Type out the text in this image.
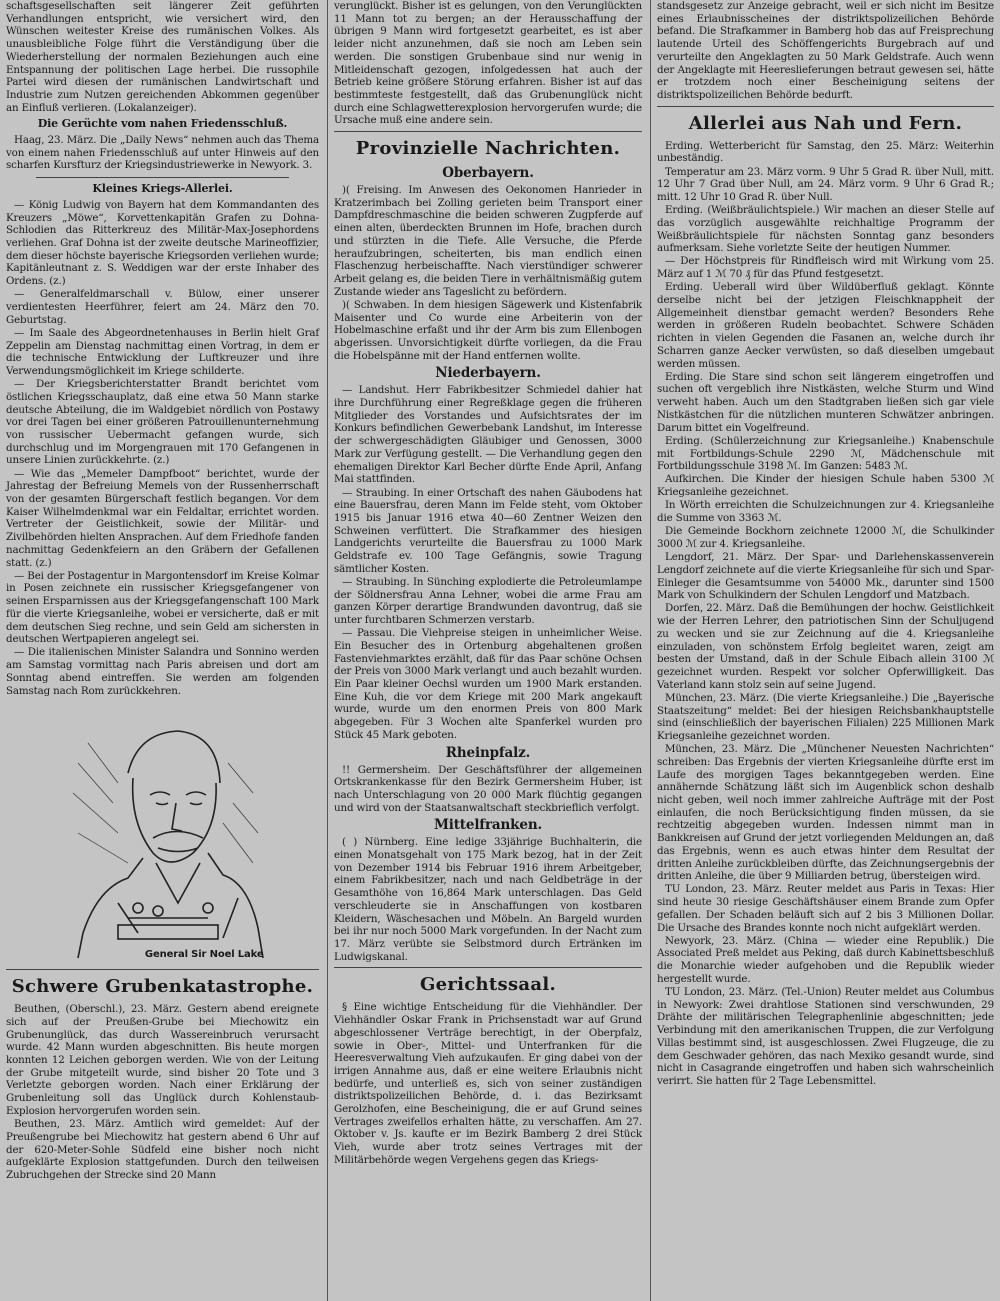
schaftsgesellschaften seit längerer Zeit geführten Verhandlungen entspricht, wie versichert wird, den Wünschen weitester Kreise des rumänischen Volkes. Als unausbleibliche Folge führt die Verständigung über die Wiederherstellung der normalen Beziehungen auch eine Entspannung der politischen Lage herbei. Die russophile Partei wird diesen der rumänischen Landwirtschaft und Industrie zum Nutzen gereichenden Abkommen gegenüber an Einfluß verlieren. (Lokalanzeiger).

Die Gerüchte vom nahen Friedensschluß.

Haag, 23. März. Die „Daily News“ nehmen auch das Thema von einem nahen Friedensschluß auf unter Hinweis auf den scharfen Kursfturz der Kriegsindustriewerke in Newyork. 3.

Kleines Kriegs-Allerlei.

— König Ludwig von Bayern hat dem Kommandanten des Kreuzers „Möwe“, Korvettenkapitän Grafen zu Dohna-Schlodien das Ritterkreuz des Militär-Max-Josephordens verliehen. Graf Dohna ist der zweite deutsche Marineoffizier, dem dieser höchste bayerische Kriegsorden verliehen wurde; Kapitänleutnant z. S. Weddigen war der erste Inhaber des Ordens. (z.)

— Generalfeldmarschall v. Bülow, einer unserer verdientesten Heerführer, feiert am 24. März den 70. Geburtstag.

— Im Saale des Abgeordnetenhauses in Berlin hielt Graf Zeppelin am Dienstag nachmittag einen Vortrag, in dem er die technische Entwicklung der Luftkreuzer und ihre Verwendungsmöglichkeit im Kriege schilderte.

— Der Kriegsberichterstatter Brandt berichtet vom östlichen Kriegsschauplatz, daß eine etwa 50 Mann starke deutsche Abteilung, die im Waldgebiet nördlich von Postawy vor drei Tagen bei einer größeren Patrouillenunternehmung von russischer Uebermacht gefangen wurde, sich durchschlug und im Morgengrauen mit 170 Gefangenen in unsere Linien zurückkehrte. (z.)

— Wie das „Memeler Dampfboot“ berichtet, wurde der Jahrestag der Befreiung Memels von der Russenherrschaft von der gesamten Bürgerschaft festlich begangen. Vor dem Kaiser Wilhelmdenkmal war ein Feldaltar, errichtet worden. Vertreter der Geistlichkeit, sowie der Militär- und Zivilbehörden hielten Ansprachen. Auf dem Friedhofe fanden nachmittag Gedenkfeiern an den Gräbern der Gefallenen statt. (z.)

— Bei der Postagentur in Margontensdorf im Kreise Kolmar in Posen zeichnete ein russischer Kriegsgefangener von seinen Ersparnissen aus der Kriegsgefangenschaft 100 Mark für die vierte Kriegsanleihe, wobei er versicherte, daß er mit dem deutschen Sieg rechne, und sein Geld am sichersten in deutschen Wertpapieren angelegt sei.

— Die italienischen Minister Salandra und Sonnino werden am Samstag vormittag nach Paris abreisen und dort am Sonntag abend eintreffen. Sie werden am folgenden Samstag nach Rom zurückkehren.

General Sir Noel Lake
Schwere Grubenkatastrophe.

Beuthen, (Oberschl.), 23. März. Gestern abend ereignete sich auf der Preußen-Grube bei Miechowitz ein Grubenunglück, das durch Wassereinbruch verursacht wurde. 42 Mann wurden abgeschnitten. Bis heute morgen konnten 12 Leichen geborgen werden. Wie von der Leitung der Grube mitgeteilt wurde, sind bisher 20 Tote und 3 Verletzte geborgen worden. Nach einer Erklärung der Grubenleitung soll das Unglück durch Kohlenstaub-Explosion hervorgerufen worden sein.

Beuthen, 23. März. Amtlich wird gemeldet: Auf der Preußengrube bei Miechowitz hat gestern abend 6 Uhr auf der 620-Meter-Sohle Südfeld eine bisher noch nicht aufgeklärte Explosion stattgefunden. Durch den teilweisen Zubruchgehen der Strecke sind 20 Mann

verunglückt. Bisher ist es gelungen, von den Verunglückten 11 Mann tot zu bergen; an der Herausschaffung der übrigen 9 Mann wird fortgesetzt gearbeitet, es ist aber leider nicht anzunehmen, daß sie noch am Leben sein werden. Die sonstigen Grubenbaue sind nur wenig in Mitleidenschaft gezogen, infolgedessen hat auch der Betrieb keine größere Störung erfahren. Bisher ist auf das bestimmteste festgestellt, daß das Grubenunglück nicht durch eine Schlagwetterexplosion hervorgerufen wurde; die Ursache muß eine andere sein.

Provinzielle Nachrichten.
Oberbayern.

)( Freising. Im Anwesen des Oekonomen Hanrieder in Kratzerimbach bei Zolling gerieten beim Transport einer Dampfdreschmaschine die beiden schweren Zugpferde auf einen alten, überdeckten Brunnen im Hofe, brachen durch und stürzten in die Tiefe. Alle Versuche, die Pferde heraufzubringen, scheiterten, bis man endlich einen Flaschenzug herbeischaffte. Nach vierstündiger schwerer Arbeit gelang es, die beiden Tiere in verhältnismäßig gutem Zustande wieder ans Tageslicht zu befördern.

)( Schwaben. In dem hiesigen Sägewerk und Kistenfabrik Maisenter und Co wurde eine Arbeiterin von der Hobelmaschine erfaßt und ihr der Arm bis zum Ellenbogen abgerissen. Unvorsichtigkeit dürfte vorliegen, da die Frau die Hobelspänne mit der Hand entfernen wollte.

Niederbayern.

— Landshut. Herr Fabrikbesitzer Schmiedel dahier hat ihre Durchführung einer Regreßklage gegen die früheren Mitglieder des Vorstandes und Aufsichtsrates der im Konkurs befindlichen Gewerbebank Landshut, im Interesse der schwergeschädigten Gläubiger und Genossen, 3000 Mark zur Verfügung gestellt. — Die Verhandlung gegen den ehemaligen Direktor Karl Becher dürfte Ende April, Anfang Mai stattfinden.

— Straubing. In einer Ortschaft des nahen Gäubodens hat eine Bauersfrau, deren Mann im Felde steht, vom Oktober 1915 bis Januar 1916 etwa 40—60 Zentner Weizen den Schweinen verfüttert. Die Strafkammer des hiesigen Landgerichts verurteilte die Bauersfrau zu 1000 Mark Geldstrafe ev. 100 Tage Gefängnis, sowie Tragung sämtlicher Kosten.

— Straubing. In Sünching explodierte die Petroleumlampe der Söldnersfrau Anna Lehner, wobei die arme Frau am ganzen Körper derartige Brandwunden davontrug, daß sie unter furchtbaren Schmerzen verstarb.

— Passau. Die Viehpreise steigen in unheimlicher Weise. Ein Besucher des in Ortenburg abgehaltenen großen Fastenviehmarktes erzählt, daß für das Paar schöne Ochsen der Preis von 3000 Mark verlangt und auch bezahlt wurden. Ein Paar kleiner Oechsl wurden um 1900 Mark erstanden. Eine Kuh, die vor dem Kriege mit 200 Mark angekauft wurde, wurde um den enormen Preis von 800 Mark abgegeben. Für 3 Wochen alte Spanferkel wurden pro Stück 45 Mark geboten.

Rheinpfalz.

!! Germersheim. Der Geschäftsführer der allgemeinen Ortskrankenkasse für den Bezirk Germersheim Huber, ist nach Unterschlagung von 20 000 Mark flüchtig gegangen und wird von der Staatsanwaltschaft steckbrieflich verfolgt.

Mittelfranken.

( ) Nürnberg. Eine ledige 33jährige Buchhalterin, die einen Monatsgehalt von 175 Mark bezog, hat in der Zeit von Dezember 1914 bis Februar 1916 ihrem Arbeitgeber, einem Fabrikbesitzer, nach und nach Geldbeträge in der Gesamthöhe von 16,864 Mark unterschlagen. Das Geld verschleuderte sie in Anschaffungen von kostbaren Kleidern, Wäschesachen und Möbeln. An Bargeld wurden bei ihr nur noch 5000 Mark vorgefunden. In der Nacht zum 17. März verübte sie Selbstmord durch Ertränken im Ludwigskanal.

Gerichtssaal.

§ Eine wichtige Entscheidung für die Viehhändler. Der Viehhändler Oskar Frank in Prichsenstadt war auf Grund abgeschlossener Verträge berechtigt, in der Oberpfalz, sowie in Ober-, Mittel- und Unterfranken für die Heeresverwaltung Vieh aufzukaufen. Er ging dabei von der irrigen Annahme aus, daß er eine weitere Erlaubnis nicht bedürfe, und unterließ es, sich von seiner zuständigen distriktspolizeilichen Behörde, d. i. das Bezirksamt Gerolzhofen, eine Bescheinigung, die er auf Grund seines Vertrages zweifellos erhalten hätte, zu verschaffen. Am 27. Oktober v. Js. kaufte er im Bezirk Bamberg 2 drei Stück Vieh, wurde aber trotz seines Vertrages mit der Militärbehörde wegen Vergehens gegen das Kriegs-

standsgesetz zur Anzeige gebracht, weil er sich nicht im Besitze eines Erlaubnisscheines der distriktspolizeilichen Behörde befand. Die Strafkammer in Bamberg hob das auf Freisprechung lautende Urteil des Schöffengerichts Burgebrach auf und verurteilte den Angeklagten zu 50 Mark Geldstrafe. Auch wenn der Angeklagte mit Heereslieferungen betraut gewesen sei, hätte er trotzdem noch einer Bescheinigung seitens der distriktspolizeilichen Behörde bedurft.

Allerlei aus Nah und Fern.

Erding. Wetterbericht für Samstag, den 25. März: Weiterhin unbeständig.

Temperatur am 23. März vorm. 9 Uhr 5 Grad R. über Null, mitt. 12 Uhr 7 Grad über Null, am 24. März vorm. 9 Uhr 6 Grad R.; mitt. 12 Uhr 10 Grad R. über Null.

Erding. (Weißbräulichtspiele.) Wir machen an dieser Stelle auf das vorzüglich ausgewählte reichhaltige Programm der Weißbräulichtspiele für nächsten Sonntag ganz besonders aufmerksam. Siehe vorletzte Seite der heutigen Nummer.

— Der Höchstpreis für Rindfleisch wird mit Wirkung vom 25. März auf 1 ℳ 70 ₰ für das Pfund festgesetzt.

Erding. Ueberall wird über Wildüberfluß geklagt. Könnte derselbe nicht bei der jetzigen Fleischknappheit der Allgemeinheit dienstbar gemacht werden? Besonders Rehe werden in größeren Rudeln beobachtet. Schwere Schäden richten in vielen Gegenden die Fasanen an, welche durch ihr Scharren ganze Aecker verwüsten, so daß dieselben umgebaut werden müssen.

Erding. Die Stare sind schon seit längerem eingetroffen und suchen oft vergeblich ihre Nistkästen, welche Sturm und Wind verweht haben. Auch um den Stadtgraben ließen sich gar viele Nistkästchen für die nützlichen munteren Schwätzer anbringen. Darum bittet ein Vogelfreund.

Erding. (Schülerzeichnung zur Kriegsanleihe.) Knabenschule mit Fortbildungs-Schule 2290 ℳ, Mädchenschule mit Fortbildungsschule 3198 ℳ. Im Ganzen: 5483 ℳ.

Aufkirchen. Die Kinder der hiesigen Schule haben 5300 ℳ Kriegsanleihe gezeichnet.

In Wörth erreichten die Schulzeichnungen zur 4. Kriegsanleihe die Summe von 3363 ℳ.

Die Gemeinde Bockhorn zeichnete 12000 ℳ, die Schulkinder 3000 ℳ zur 4. Kriegsanleihe.

Lengdorf, 21. März. Der Spar- und Darlehenskassenverein Lengdorf zeichnete auf die vierte Kriegsanleihe für sich und Spar-Einleger die Gesamtsumme von 54000 Mk., darunter sind 1500 Mark von Schulkindern der Schulen Lengdorf und Matzbach.

Dorfen, 22. März. Daß die Bemühungen der hochw. Geistlichkeit wie der Herren Lehrer, den patriotischen Sinn der Schuljugend zu wecken und sie zur Zeichnung auf die 4. Kriegsanleihe einzuladen, von schönstem Erfolg begleitet waren, zeigt am besten der Umstand, daß in der Schule Eibach allein 3100 ℳ gezeichnet wurden. Respekt vor solcher Opferwilligkeit. Das Vaterland kann stolz sein auf seine Jugend.

München, 23. März. (Die vierte Kriegsanleihe.) Die „Bayerische Staatszeitung“ meldet: Bei der hiesigen Reichsbankhauptstelle sind (einschließlich der bayerischen Filialen) 225 Millionen Mark Kriegsanleihe gezeichnet worden.

München, 23. März. Die „Münchener Neuesten Nachrichten“ schreiben: Das Ergebnis der vierten Kriegsanleihe dürfte erst im Laufe des morgigen Tages bekanntgegeben werden. Eine annähernde Schätzung läßt sich im Augenblick schon deshalb nicht geben, weil noch immer zahlreiche Aufträge mit der Post einlaufen, die noch Berücksichtigung finden müssen, da sie rechtzeitig abgegeben wurden. Indessen nimmt man in Bankkreisen auf Grund der jetzt vorliegenden Meldungen an, daß das Ergebnis, wenn es auch etwas hinter dem Resultat der dritten Anleihe zurückbleiben dürfte, das Zeichnungsergebnis der dritten Anleihe, die über 9 Milliarden betrug, übersteigen wird.

TU London, 23. März. Reuter meldet aus Paris in Texas: Hier sind heute 30 riesige Geschäftshäuser einem Brande zum Opfer gefallen. Der Schaden beläuft sich auf 2 bis 3 Millionen Dollar. Die Ursache des Brandes konnte noch nicht aufgeklärt werden.

Newyork, 23. März. (China — wieder eine Republik.) Die Associated Preß meldet aus Peking, daß durch Kabinettsbeschluß die Monarchie wieder aufgehoben und die Republik wieder hergestellt wurde.

TU London, 23. März. (Tel.-Union) Reuter meldet aus Columbus in Newyork: Zwei drahtlose Stationen sind verschwunden, 29 Drähte der militärischen Telegraphenlinie abgeschnitten; jede Verbindung mit den amerikanischen Truppen, die zur Verfolgung Villas bestimmt sind, ist ausgeschlossen. Zwei Flugzeuge, die zu dem Geschwader gehören, das nach Mexiko gesandt wurde, sind nicht in Casagrande eingetroffen und haben sich wahrscheinlich verirrt. Sie hatten für 2 Tage Lebensmittel.
